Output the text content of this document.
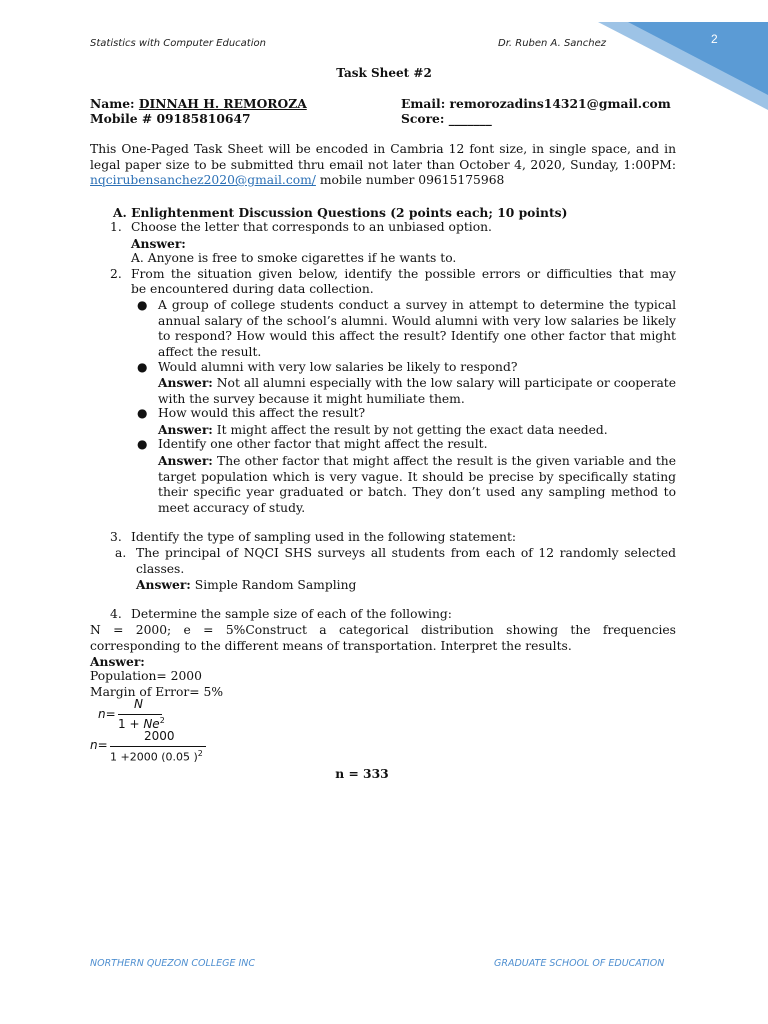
2
Statistics with Computer Education	Dr. Ruben A. Sanchez
Task Sheet #2
Name: DINNAH H. REMOROZA
Mobile # 09185810647
Email: remorozadins14321@gmail.com
Score: _______
This One-Paged Task Sheet will be encoded in Cambria 12 font size, in single space, and in legal paper size to be submitted thru email not later than October 4, 2020, Sunday, 1:00PM: nqcirubensanchez2020@gmail.com/ mobile number 09615175968
A. Enlightenment Discussion Questions (2 points each; 10 points)
1. Choose the letter that corresponds to an unbiased option.
Answer:
A. Anyone is free to smoke cigarettes if he wants to.
2. From the situation given below, identify the possible errors or difficulties that may
be encountered during data collection.
● A group of college students conduct a survey in attempt to determine the typical annual salary of the school’s alumni. Would alumni with very low salaries be likely to respond? How would this affect the result? Identify one other factor that might affect the result.
● Would alumni with very low salaries be likely to respond?
Answer: Not all alumni especially with the low salary will participate or cooperate with the survey because it might humiliate them.
● How would this affect the result?
Answer: It might affect the result by not getting the exact data needed.
● Identify one other factor that might affect the result.
Answer: The other factor that might affect the result is the given variable and the target population which is very vague. It should be precise by specifically stating their specific year graduated or batch. They don’t used any sampling method to meet accuracy of study.
3. Identify the type of sampling used in the following statement:
a. The principal of NQCI SHS surveys all students from each of 12 randomly selected classes.
Answer: Simple Random Sampling
4. Determine the sample size of each of the following:
N = 2000; e = 5%Construct a categorical distribution showing the frequencies corresponding to the different means of transportation. Interpret the results.
Answer:
Population= 2000
Margin of Error= 5%
n=
N
$1 + Ne^2$
n=
2000
1 +2000 (0.05 )$^2$
n = 333
NORTHERN QUEZON COLLEGE INC	GRADUATE SCHOOL OF EDUCATION
